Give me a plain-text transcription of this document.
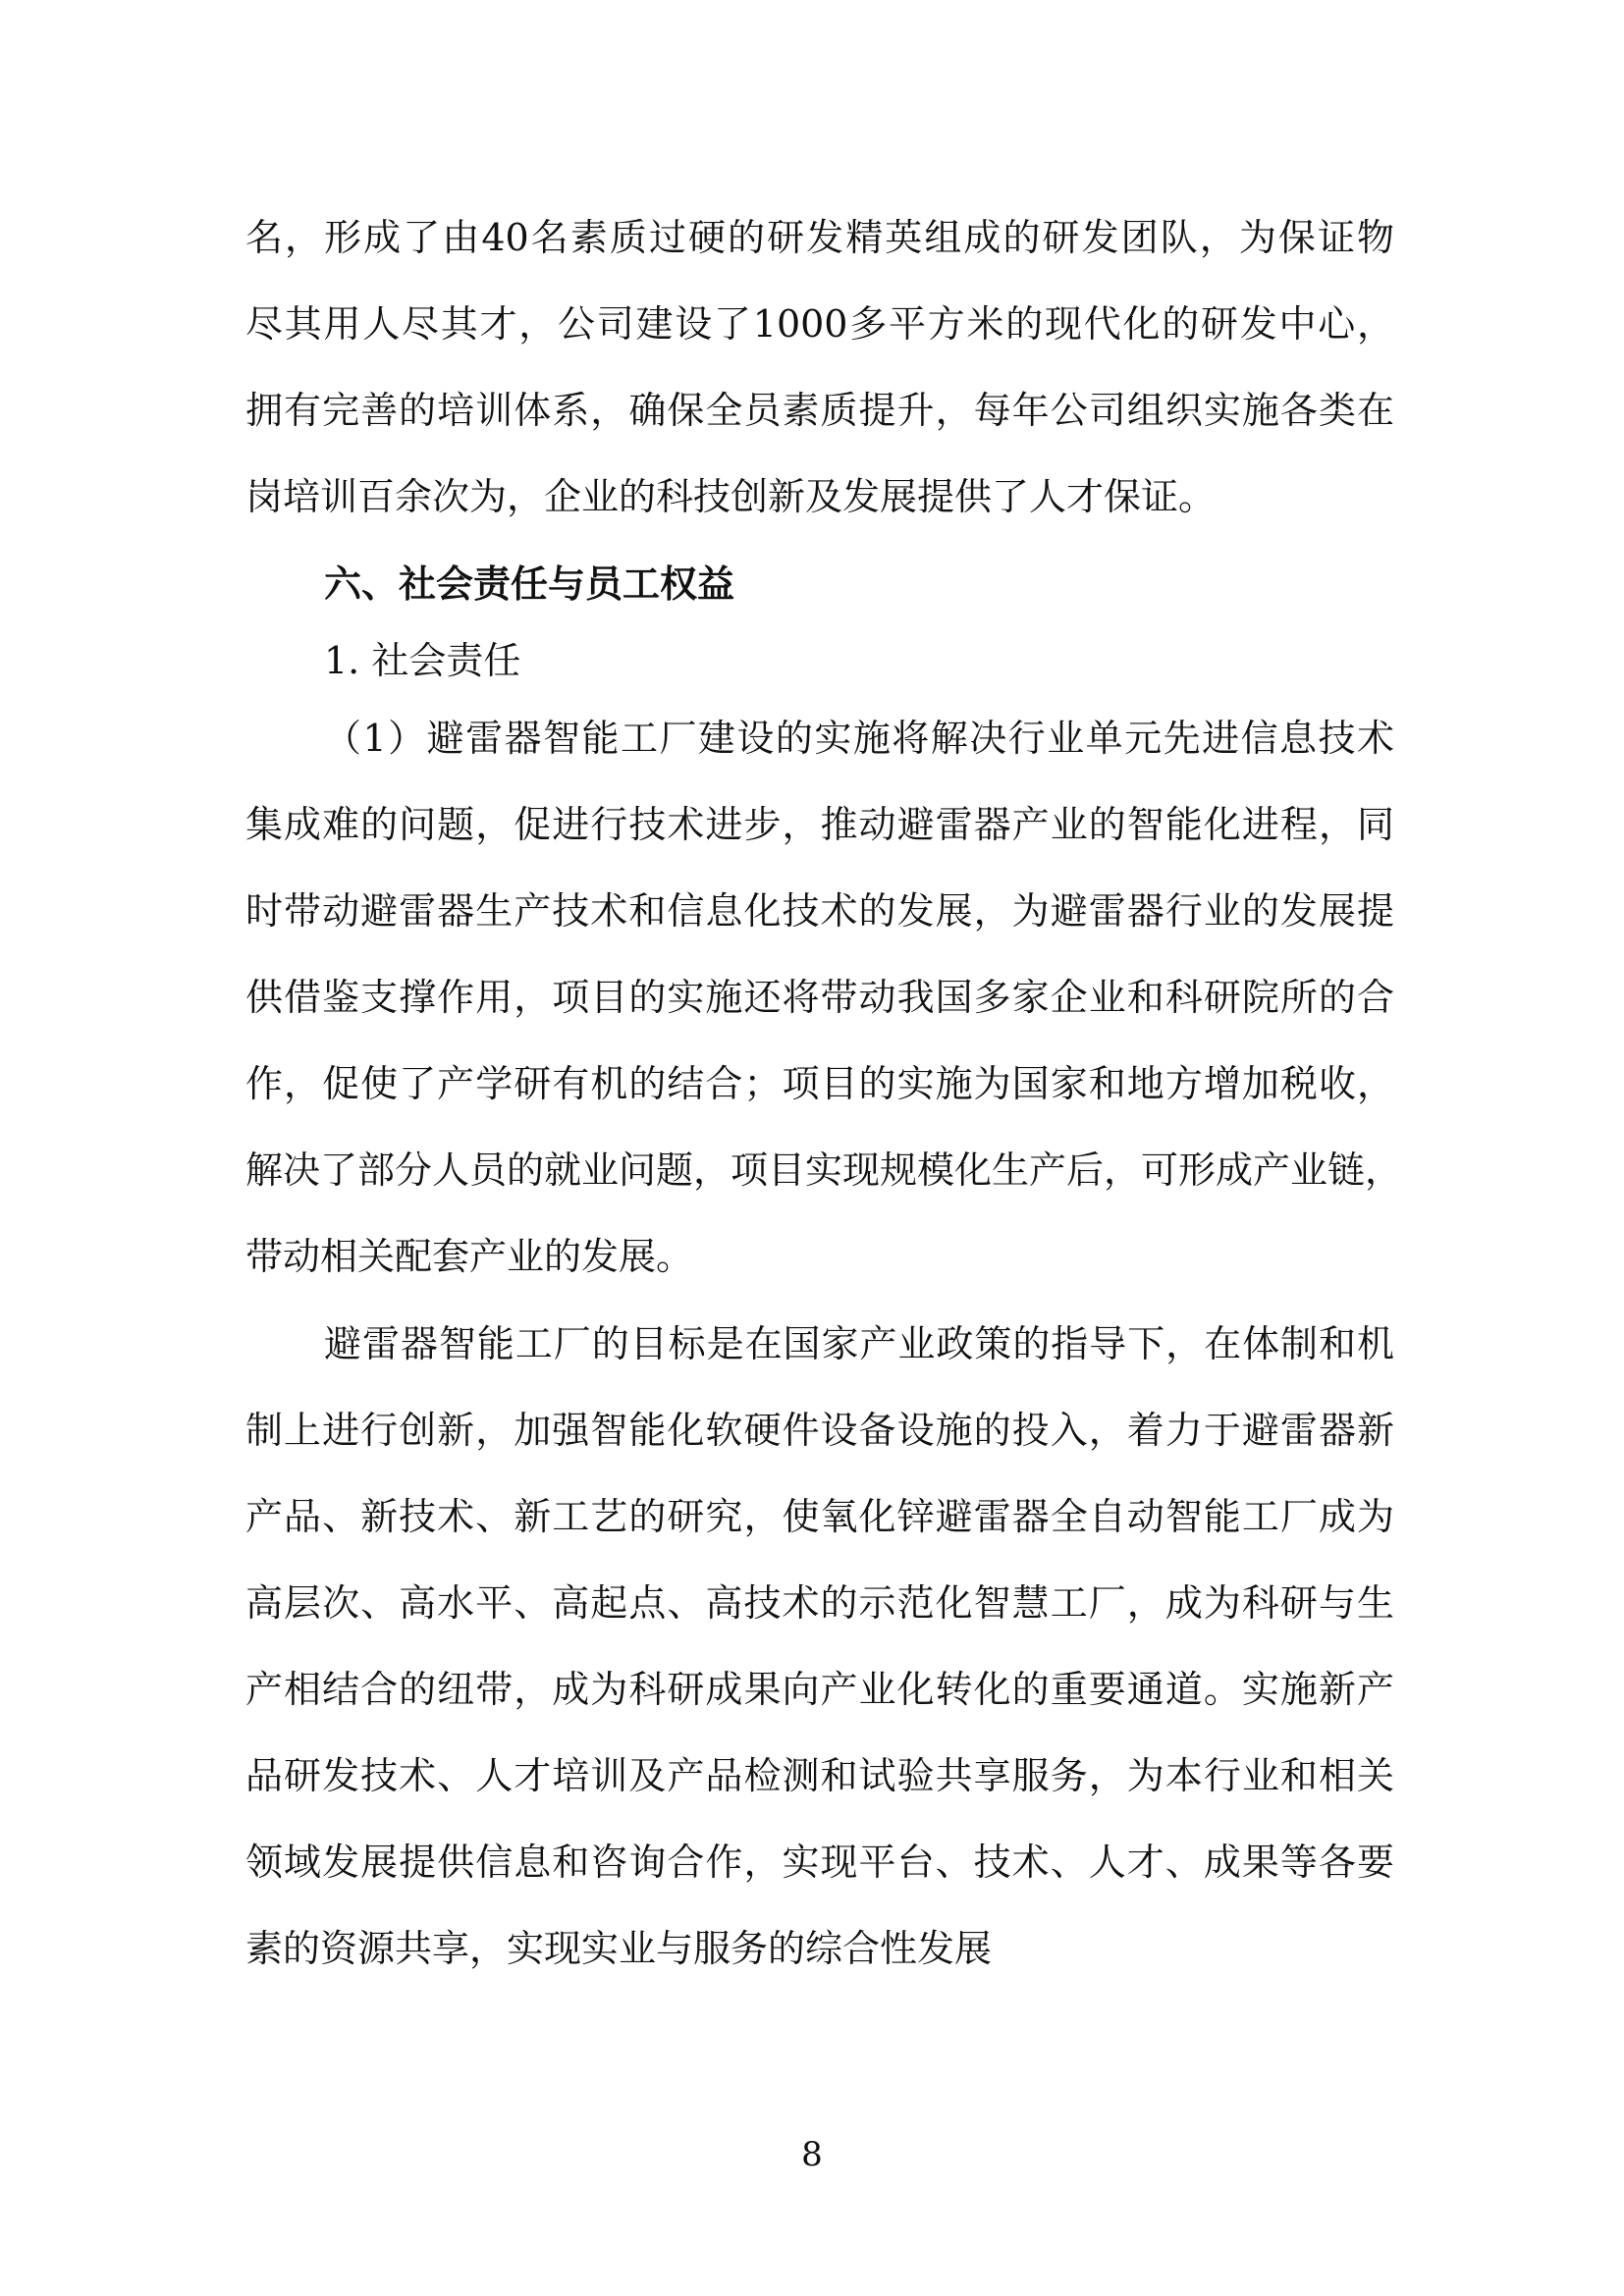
名，形成了由40名素质过硬的研发精英组成的研发团队，为保证物
尽其用人尽其才，公司建设了1000多平方米的现代化的研发中心，
拥有完善的培训体系，确保全员素质提升，每年公司组织实施各类在
岗培训百余次为，企业的科技创新及发展提供了人才保证。
六、社会责任与员工权益
1. 社会责任
（1）避雷器智能工厂建设的实施将解决行业单元先进信息技术
集成难的问题，促进行技术进步，推动避雷器产业的智能化进程，同
时带动避雷器生产技术和信息化技术的发展，为避雷器行业的发展提
供借鉴支撑作用，项目的实施还将带动我国多家企业和科研院所的合
作，促使了产学研有机的结合；项目的实施为国家和地方增加税收，
解决了部分人员的就业问题，项目实现规模化生产后，可形成产业链，
带动相关配套产业的发展。
避雷器智能工厂的目标是在国家产业政策的指导下，在体制和机
制上进行创新，加强智能化软硬件设备设施的投入，着力于避雷器新
产品、新技术、新工艺的研究，使氧化锌避雷器全自动智能工厂成为
高层次、高水平、高起点、高技术的示范化智慧工厂，成为科研与生
产相结合的纽带，成为科研成果向产业化转化的重要通道。实施新产
品研发技术、人才培训及产品检测和试验共享服务，为本行业和相关
领域发展提供信息和咨询合作，实现平台、技术、人才、成果等各要
素的资源共享，实现实业与服务的综合性发展
8
